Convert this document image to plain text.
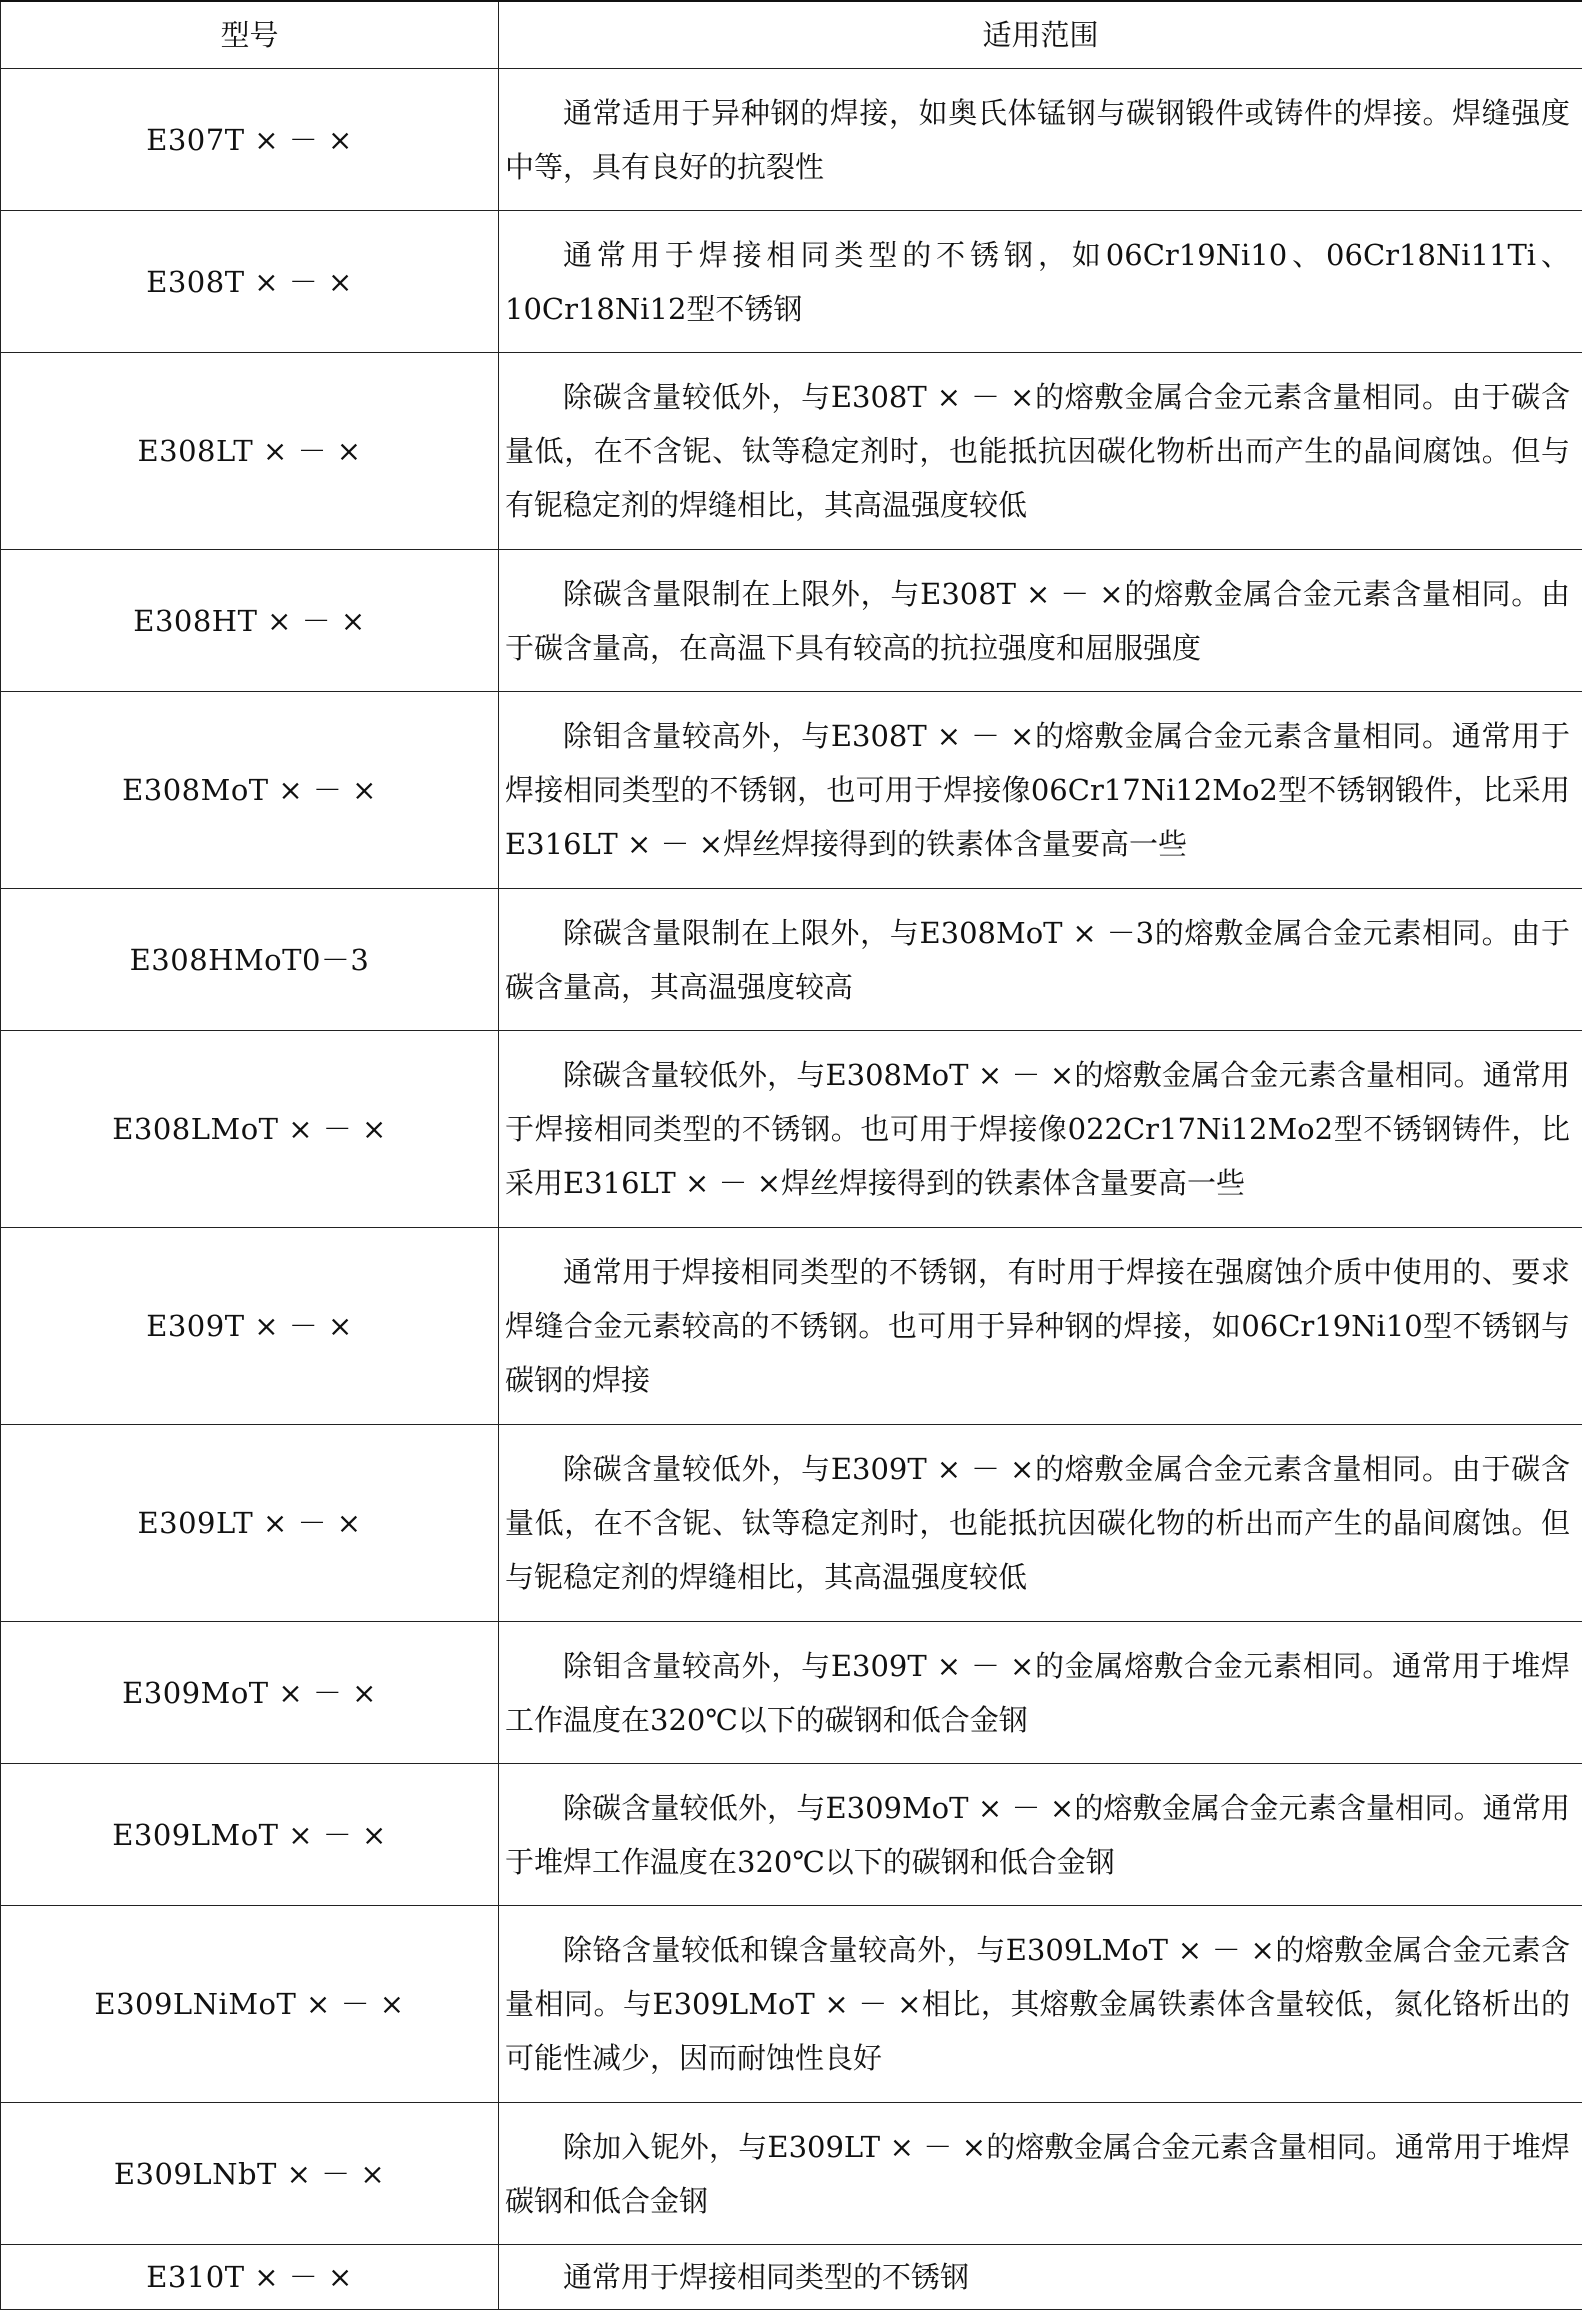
型号	适用范围
E307T × － ×	通常适用于异种钢的焊接，如奥氏体锰钢与碳钢锻件或铸件的焊接。焊缝强度中等，具有良好的抗裂性

E308T × － ×	通常用于焊接相同类型的不锈钢，如06Cr19Ni10、06Cr18Ni11Ti、10Cr18Ni12型不锈钢

E308LT × － ×	除碳含量较低外，与E308T × － ×的熔敷金属合金元素含量相同。由于碳含量低，在不含铌、钛等稳定剂时，也能抵抗因碳化物析出而产生的晶间腐蚀。但与有铌稳定剂的焊缝相比，其高温强度较低

E308HT × － ×	除碳含量限制在上限外，与E308T × － ×的熔敷金属合金元素含量相同。由于碳含量高，在高温下具有较高的抗拉强度和屈服强度

E308MoT × － ×	除钼含量较高外，与E308T × － ×的熔敷金属合金元素含量相同。通常用于焊接相同类型的不锈钢，也可用于焊接像06Cr17Ni12Mo2型不锈钢锻件，比采用E316LT × － ×焊丝焊接得到的铁素体含量要高一些

E308HMoT0－3	除碳含量限制在上限外，与E308MoT × －3的熔敷金属合金元素相同。由于碳含量高，其高温强度较高

E308LMoT × － ×	除碳含量较低外，与E308MoT × － ×的熔敷金属合金元素含量相同。通常用于焊接相同类型的不锈钢。也可用于焊接像022Cr17Ni12Mo2型不锈钢铸件，比采用E316LT × － ×焊丝焊接得到的铁素体含量要高一些

E309T × － ×	通常用于焊接相同类型的不锈钢，有时用于焊接在强腐蚀介质中使用的、要求焊缝合金元素较高的不锈钢。也可用于异种钢的焊接，如06Cr19Ni10型不锈钢与碳钢的焊接

E309LT × － ×	除碳含量较低外，与E309T × － ×的熔敷金属合金元素含量相同。由于碳含量低，在不含铌、钛等稳定剂时，也能抵抗因碳化物的析出而产生的晶间腐蚀。但与铌稳定剂的焊缝相比，其高温强度较低

E309MoT × － ×	除钼含量较高外，与E309T × － ×的金属熔敷合金元素相同。通常用于堆焊工作温度在320℃以下的碳钢和低合金钢

E309LMoT × － ×	除碳含量较低外，与E309MoT × － ×的熔敷金属合金元素含量相同。通常用于堆焊工作温度在320℃以下的碳钢和低合金钢

E309LNiMoT × － ×	除铬含量较低和镍含量较高外，与E309LMoT × － ×的熔敷金属合金元素含量相同。与E309LMoT × － ×相比，其熔敷金属铁素体含量较低，氮化铬析出的可能性减少，因而耐蚀性良好

E309LNbT × － ×	除加入铌外，与E309LT × － ×的熔敷金属合金元素含量相同。通常用于堆焊碳钢和低合金钢

E310T × － ×	通常用于焊接相同类型的不锈钢
